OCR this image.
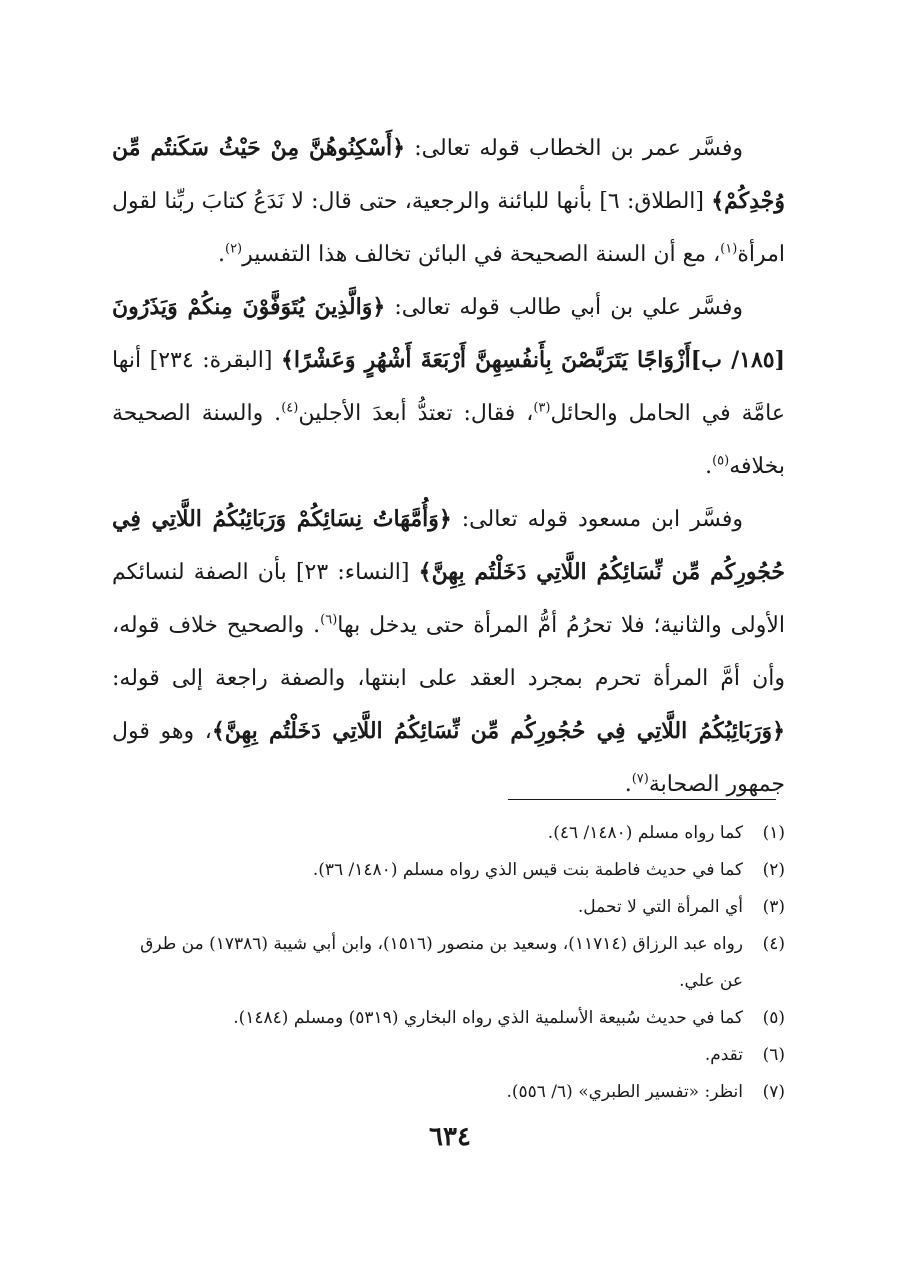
وفسَّر عمر بن الخطاب قوله تعالى: ﴿أَسْكِنُوهُنَّ مِنْ حَيْثُ سَكَنتُم مِّن وُجْدِكُمْ﴾ [الطلاق: ٦] بأنها للبائنة والرجعية، حتى قال: لا نَدَعُ كتابَ ربِّنا لقول امرأة$^{(١)}$، مع أن السنة الصحيحة في البائن تخالف هذا التفسير$^{(٢)}$.

وفسَّر علي بن أبي طالب قوله تعالى: ﴿وَالَّذِينَ يُتَوَفَّوْنَ مِنكُمْ وَيَذَرُونَ [١٨٥/ ب]أَزْوَاجًا يَتَرَبَّصْنَ بِأَنفُسِهِنَّ أَرْبَعَةَ أَشْهُرٍ وَعَشْرًا﴾ [البقرة: ٢٣٤] أنها عامَّة في الحامل والحائل$^{(٣)}$، فقال: تعتدُّ أبعدَ الأجلين$^{(٤)}$. والسنة الصحيحة بخلافه$^{(٥)}$.

وفسَّر ابن مسعود قوله تعالى: ﴿وَأُمَّهَاتُ نِسَائِكُمْ وَرَبَائِبُكُمُ اللَّاتِي فِي حُجُورِكُم مِّن نِّسَائِكُمُ اللَّاتِي دَخَلْتُم بِهِنَّ﴾ [النساء: ٢٣] بأن الصفة لنسائكم الأولى والثانية؛ فلا تحرُمُ أمُّ المرأة حتى يدخل بها$^{(٦)}$. والصحيح خلاف قوله، وأن أمَّ المرأة تحرم بمجرد العقد على ابنتها، والصفة راجعة إلى قوله: ﴿وَرَبَائِبُكُمُ اللَّاتِي فِي حُجُورِكُم مِّن نِّسَائِكُمُ اللَّاتِي دَخَلْتُم بِهِنَّ﴾، وهو قول جمهور الصحابة$^{(٧)}$.

(١)
كما رواه مسلم (١٤٨٠/ ٤٦).
(٢)
كما في حديث فاطمة بنت قيس الذي رواه مسلم (١٤٨٠/ ٣٦).
(٣)
أي المرأة التي لا تحمل.
(٤)
رواه عبد الرزاق (١١٧١٤)، وسعيد بن منصور (١٥١٦)، وابن أبي شيبة (١٧٣٨٦) من طرق عن علي.
(٥)
كما في حديث سُبيعة الأسلمية الذي رواه البخاري (٥٣١٩) ومسلم (١٤٨٤).
(٦)
تقدم.
(٧)
انظر: «تفسير الطبري» (٦/ ٥٥٦).
٦٣٤
